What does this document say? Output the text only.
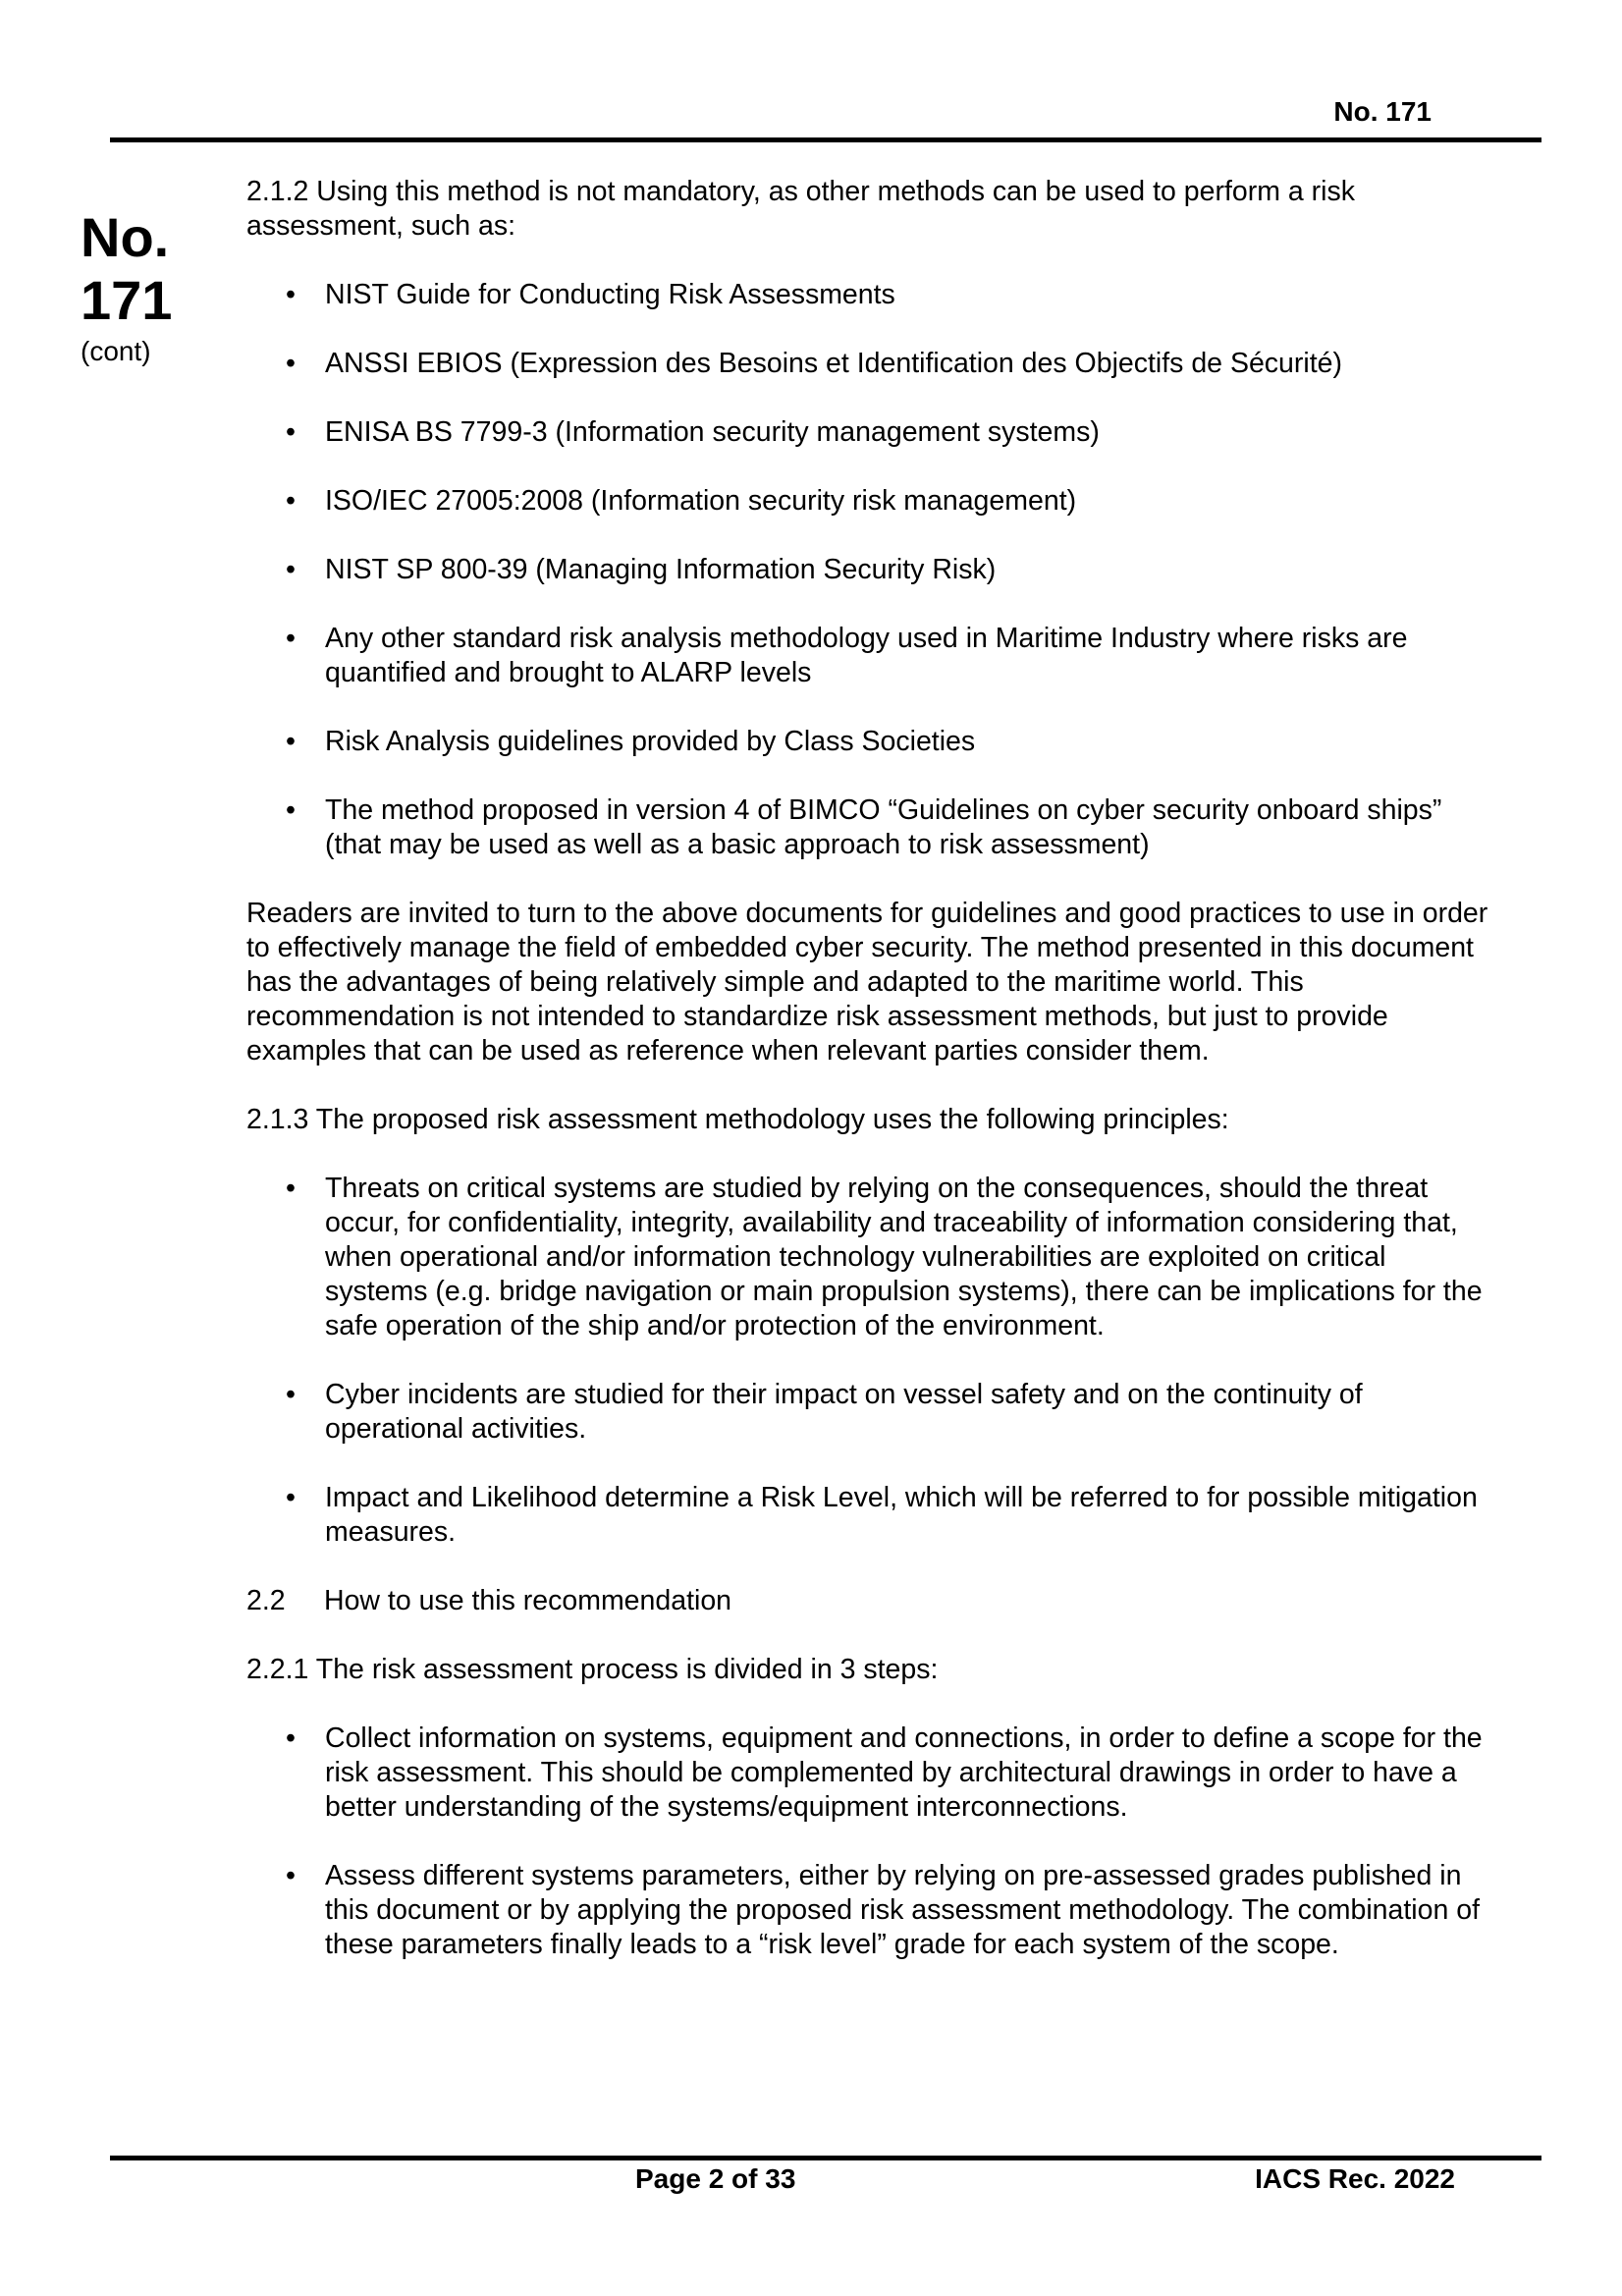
No. 171
No.
171
(cont)

2.1.2 Using this method is not mandatory, as other methods can be used to perform a risk assessment, such as:

• NIST Guide for Conducting Risk Assessments
• ANSSI EBIOS (Expression des Besoins et Identification des Objectifs de Sécurité)
• ENISA BS 7799-3 (Information security management systems)
• ISO/IEC 27005:2008 (Information security risk management)
• NIST SP 800-39 (Managing Information Security Risk)
• Any other standard risk analysis methodology used in Maritime Industry where risks are quantified and brought to ALARP levels
• Risk Analysis guidelines provided by Class Societies
• The method proposed in version 4 of BIMCO “Guidelines on cyber security onboard ships” (that may be used as well as a basic approach to risk assessment)

Readers are invited to turn to the above documents for guidelines and good practices to use in order to effectively manage the field of embedded cyber security. The method presented in this document has the advantages of being relatively simple and adapted to the maritime world. This recommendation is not intended to standardize risk assessment methods, but just to provide examples that can be used as reference when relevant parties consider them.

2.1.3 The proposed risk assessment methodology uses the following principles:

• Threats on critical systems are studied by relying on the consequences, should the threat occur, for confidentiality, integrity, availability and traceability of information considering that, when operational and/or information technology vulnerabilities are exploited on critical systems (e.g. bridge navigation or main propulsion systems), there can be implications for the safe operation of the ship and/or protection of the environment.
• Cyber incidents are studied for their impact on vessel safety and on the continuity of operational activities.
• Impact and Likelihood determine a Risk Level, which will be referred to for possible mitigation measures.

2.2 How to use this recommendation

2.2.1 The risk assessment process is divided in 3 steps:

• Collect information on systems, equipment and connections, in order to define a scope for the risk assessment. This should be complemented by architectural drawings in order to have a better understanding of the systems/equipment interconnections.
• Assess different systems parameters, either by relying on pre-assessed grades published in this document or by applying the proposed risk assessment methodology. The combination of these parameters finally leads to a “risk level” grade for each system of the scope.
Page 2 of 33	IACS Rec. 2022
